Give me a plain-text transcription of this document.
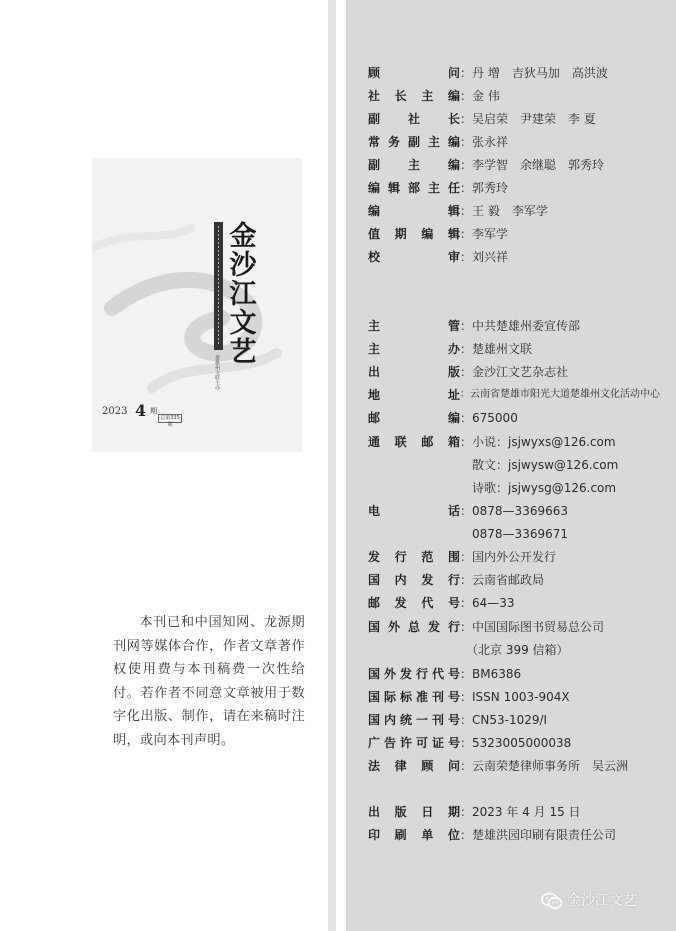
金
沙
江
文
艺
楚雄州文联主办
2023 4 期
总第335期
本刊已和中国知网、龙源期刊网等媒体合作，作者文章著作权使用费与本刊稿费一次性给付。若作者不同意文章被用于数字化出版、制作，请在来稿时注明，或向本刊声明。
顾问 ：丹 增　吉狄马加　高洪波
社长主编 ：金 伟
副社长 ：吴启荣　尹建荣　李 夏
常务副主编 ：张永祥
副主编 ：李学智　余继聪　郭秀玲
编辑部主任 ：郭秀玲
编辑 ：王 毅　李军学
值期编辑 ：李军学
校审 ：刘兴祥
主管 ：中共楚雄州委宣传部
主办 ：楚雄州文联
出版 ：金沙江文艺杂志社
地址 ：云南省楚雄市阳光大道楚雄州文化活动中心
邮编 ：675000
通联邮箱 ：小说：jsjwyxs@126.com
　散文：jsjwysw@126.com
　诗歌：jsjwysg@126.com
电话 ：0878—3369663
　0878—3369671
发行范围 ：国内外公开发行
国内发行 ：云南省邮政局
邮发代号 ：64—33
国外总发行 ：中国国际图书贸易总公司
　（北京 399 信箱）
国外发行代号 ：BM6386
国际标准刊号 ：ISSN 1003-904X
国内统一刊号 ：CN53-1029/I
广告许可证号 ：5323005000038
法律顾问 ：云南荣楚律师事务所　吴云洲
出版日期 ：2023 年 4 月 15 日
印刷单位 ：楚雄洪园印刷有限责任公司
金沙江文艺
